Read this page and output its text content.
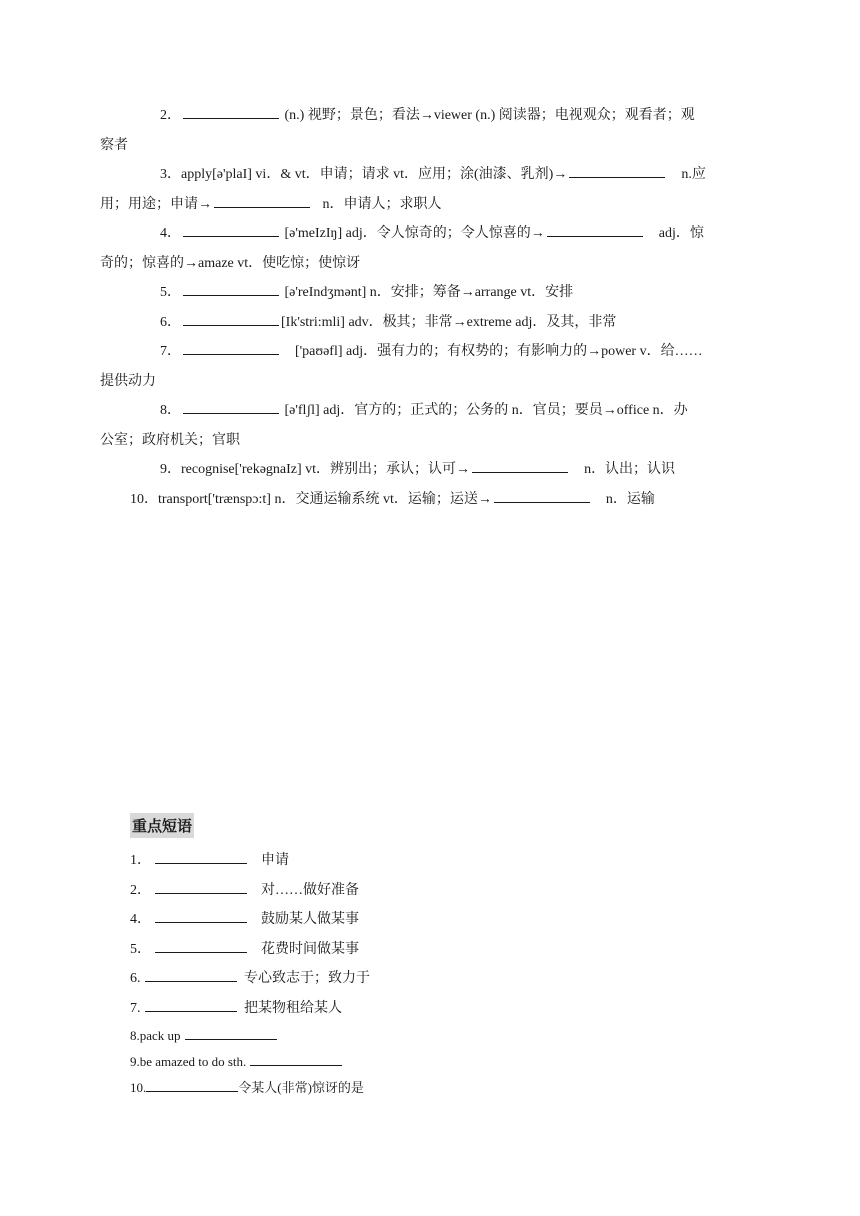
2．	(n.) 视野；景色；看法→viewer (n.) 阅读器；电视观众；观看者；观
察者
3．apply[ə'plaI] vi．& vt．申请；请求 vt．应用；涂(油漆、乳剂)→	n.应
用；用途；申请→	n．申请人；求职人
4．	[ə'meIzIŋ] adj．令人惊奇的；令人惊喜的→	adj．惊
奇的；惊喜的→amaze vt．使吃惊；使惊讶
5．	[ə'reIndʒmənt] n．安排；筹备→arrange vt．安排
6．	[Ik'stri:mli] adv．极其；非常→extreme adj．及其，非常
7．	['paʊəfl] adj．强有力的；有权势的；有影响力的→power v．给……
提供动力
8．	[ə'flʃl] adj．官方的；正式的；公务的 n．官员；要员→office n．办
公室；政府机关；官职
9．recognise['rekəgnaIz] vt．辨别出；承认；认可→	n．认出；认识
10．transport['trænspɔ:t] n．交通运输系统 vt．运输；运送→	n．运输
重点短语
1．	申请
2．	对……做好准备
4．	鼓励某人做某事
5．	花费时间做某事
6.	专心致志于；致力于
7.	把某物租给某人
8.pack up
9.be amazed to do sth.
10.	令某人(非常)惊讶的是
